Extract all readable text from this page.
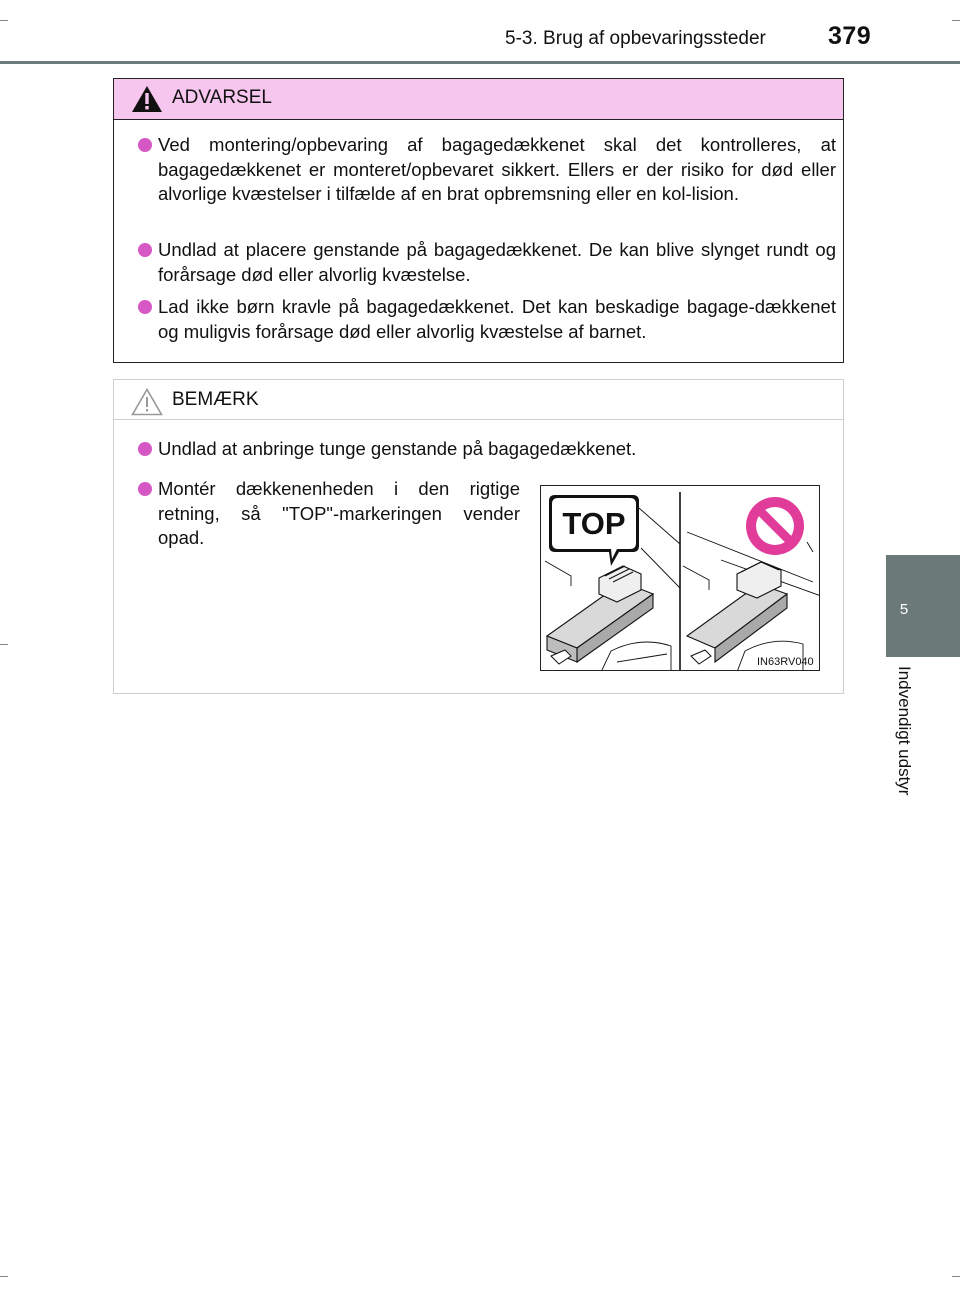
5-3. Brug af opbevaringssteder 379
5
Indvendigt udstyr
ADVARSEL
Ved montering/opbevaring af bagagedækkenet skal det kontrolleres, at bagagedækkenet er monteret/opbevaret sikkert. Ellers er der risiko for død eller alvorlige kvæstelser i tilfælde af en brat opbremsning eller en kol-lision.
Undlad at placere genstande på bagagedækkenet. De kan blive slynget rundt og forårsage død eller alvorlig kvæstelse.
Lad ikke børn kravle på bagagedækkenet. Det kan beskadige bagage-dækkenet og muligvis forårsage død eller alvorlig kvæstelse af barnet.
BEMÆRK
Undlad at anbringe tunge genstande på bagagedækkenet.
Montér dækkenenheden i den rigtige retning, så "TOP"-markeringen vender opad.	TOP
IN63RV040
